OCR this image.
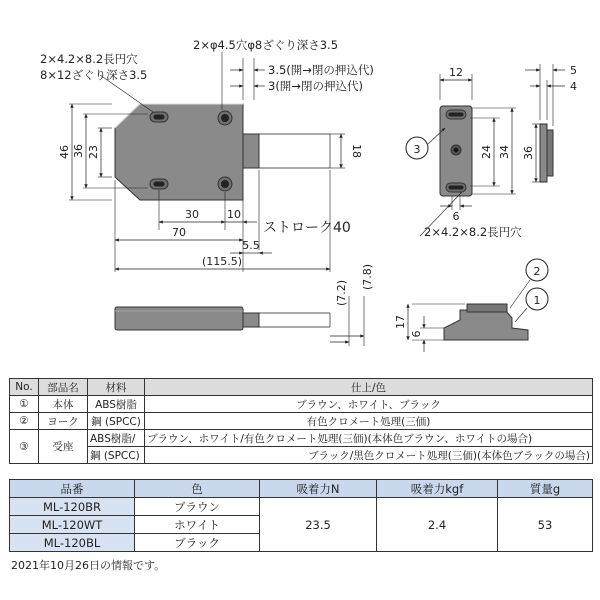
2×4.2×8.2長円穴
8×12ざぐり深さ3.5
2×φ4.5穴φ8ざぐり深さ3.5
3.5(開→閉の押込代)
3(開→閉の押込代)
46 36 23	18
30	10
ストローク40
70
5.5
(115.5)
12	5
4
3	24 34 36
6
2×4.2×8.2長円穴
(7.2)
(7.8)	2
1
17
6
No.	部品名	材料	仕上/色
①	本体	ABS樹脂	ブラウン、ホワイト、ブラック
②	ヨーク	鋼 (SPCC)	有色クロメート処理(三価)
③	受座	ABS樹脂/	ブラウン、ホワイト/有色クロメート処理(三価)(本体色ブラウン、ホワイトの場合)
		鋼 (SPCC)	ブラック/黒色クロメート処理(三価)(本体色ブラックの場合)
品番	色	吸着力N	吸着力kgf	質量g
ML-120BR	ブラウン	23.5	2.4	53
ML-120WT	ホワイト			
ML-120BL	ブラック			
2021年10月26日の情報です。
